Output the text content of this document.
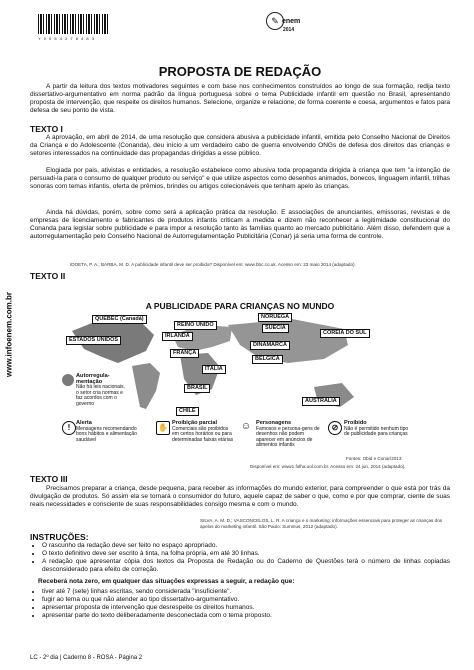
Y 0 0 5 4 2 7 8 4 8 3
✎ enem
2014
www.infoenem.com.br
PROPOSTA DE REDAÇÃO

A partir da leitura dos textos motivadores seguintes e com base nos conhecimentos construídos ao longo de sua formação, redija texto dissertativo-argumentativo em norma padrão da língua portuguesa sobre o tema Publicidade infantil em questão no Brasil, apresentando proposta de intervenção, que respeite os direitos humanos. Selecione, organize e relacione, de forma coerente e coesa, argumentos e fatos para defesa de seu ponto de vista.

TEXTO I

A aprovação, em abril de 2014, de uma resolução que considera abusiva a publicidade infantil, emitida pelo Conselho Nacional de Direitos da Criança e do Adolescente (Conanda), deu início a um verdadeiro cabo de guerra envolvendo ONGs de defesa dos direitos das crianças e setores interessados na continuidade das propagandas dirigidas a esse público.

Elogiada por pais, ativistas e entidades, a resolução estabelece como abusiva toda propaganda dirigida à criança que tem "a intenção de persuadi-la para o consumo de qualquer produto ou serviço" e que utilize aspectos como desenhos animados, bonecos, linguagem infantil, trilhas sonoras com temas infantis, oferta de prêmios, brindes ou artigos colecionáveis que tenham apelo às crianças.

Ainda há dúvidas, porém, sobre como será a aplicação prática da resolução. E associações de anunciantes, emissoras, revistas e de empresas de licenciamento e fabricantes de produtos infantis criticam a medida e dizem não reconhecer a legitimidade constitucional do Conanda para legislar sobre publicidade e para impor a resolução tanto às famílias quanto ao mercado publicitário. Além disso, defendem que a autorregulamentação pelo Conselho Nacional de Autorregulamentação Publicitária (Conar) já seria uma forma de controle.

IDOETA, P. A.; BARBA, M. D. A publicidade infantil deve ser proibida? Disponível em: www.bbc.co.uk. Acesso em: 23 maio 2014 (adaptado).

TEXTO II

A PUBLICIDADE PARA CRIANÇAS NO MUNDO

QUÉBEC (Canadá)
ESTADOS UNIDOS
REINO UNIDO
IRLANDA
FRANÇA
ITÁLIA
BRASIL
CHILE
NORUEGA
SUÉCIA
DINAMARCA
BÉLGICA
COREIA DO SUL
AUSTRÁLIA
Autorregula-mentação
Não há leis nacionais, o setor cria normas e faz acordos com o governo
!	Alerta
Mensagens recomendando bons hábitos e alimentação saudável
✋ Proibição parcial
Comerciais são proibidos em certos horários ou para determinadas faixas etárias
☺ Personagens
Famosos e persona-gens de desenhos não podem aparecer em anúncios de alimentos infantis
⊘	Proibido
Não é permitido nenhum tipo de publicidade para crianças

Fontes: Obid e Conar/2013

Disponível em: www1.folha.uol.com.br. Acesso em: 24 jun. 2014 (adaptado).

TEXTO III

Precisamos preparar a criança, desde pequena, para receber as informações do mundo exterior, para compreender o que está por trás da divulgação de produtos. Só assim ela se tornará o consumidor do futuro, aquele capaz de saber o que, como e por que comprar, ciente de suas reais necessidades e consciente de suas responsabilidades consigo mesma e com o mundo.

SILVA, A. M. D.; VASCONCELOS, L. R. A criança e o marketing: informações essenciais para proteger as crianças dos apelos do marketing infantil. São Paulo: Summus, 2012 (adaptado).

INSTRUÇÕES:

• O rascunho da redação deve ser feito no espaço apropriado.
• O texto definitivo deve ser escrito à tinta, na folha própria, em até 30 linhas.
• A redação que apresentar cópia dos textos da Proposta de Redação ou do Caderno de Questões terá o número de linhas copiadas desconsiderado para efeito de correção.

Receberá nota zero, em qualquer das situações expressas a seguir, a redação que:

• tiver até 7 (sete) linhas escritas, sendo considerada "insuficiente".
• fugir ao tema ou que não atender ao tipo dissertativo-argumentativo.
• apresentar proposta de intervenção que desrespeite os direitos humanos.
• apresentar parte do texto deliberadamente desconectada com o tema proposto.
LC - 2º dia | Caderno 8 - ROSA - Página 2
